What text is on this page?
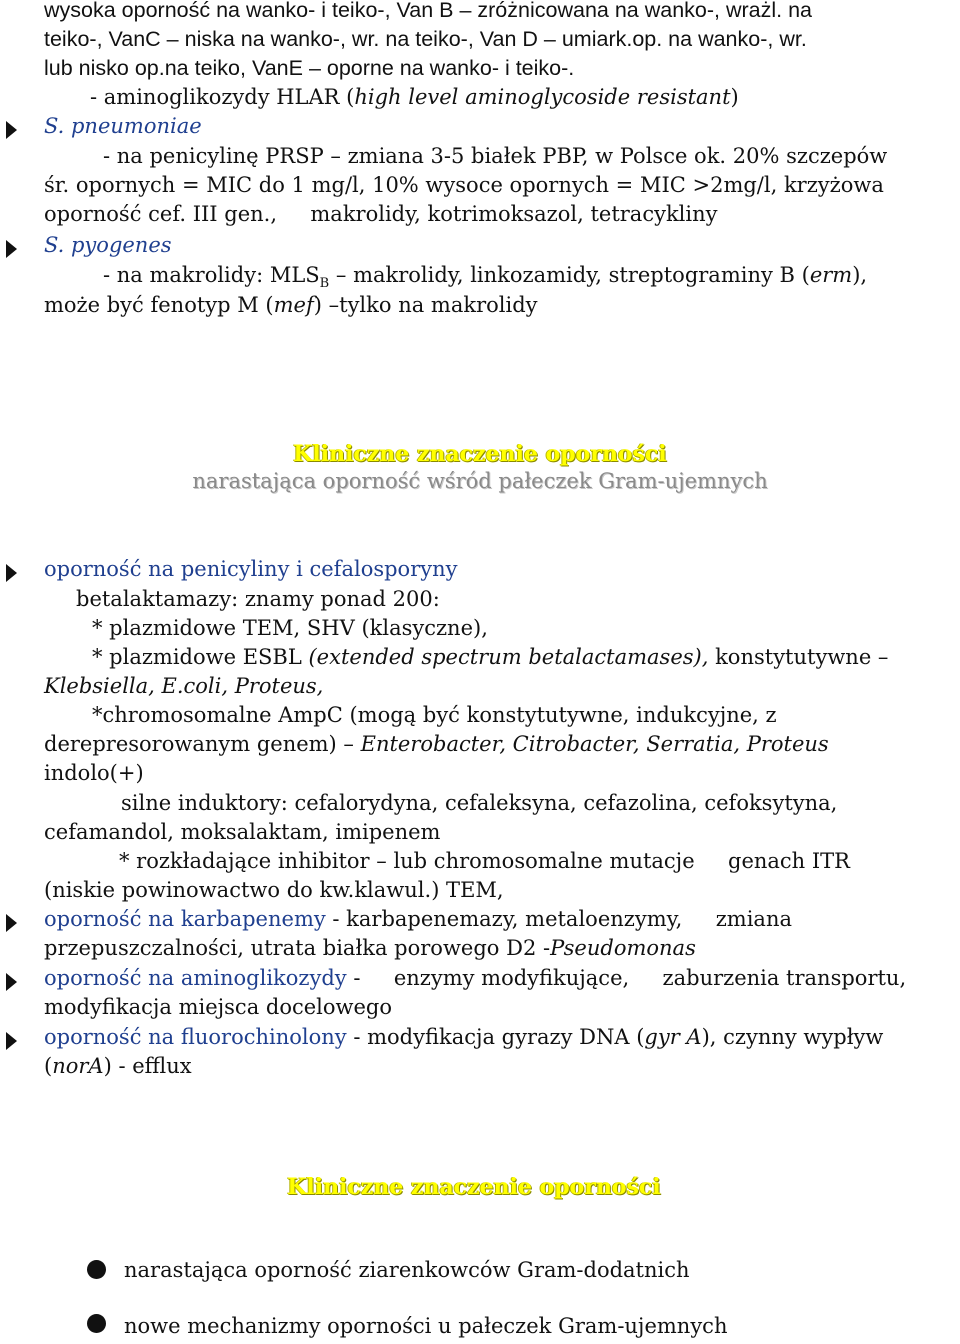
wysoka oporność na wanko- i teiko-, Van B – zróżnicowana na wanko-, wrażl. na
teiko-, VanC – niska na wanko-, wr. na teiko-, Van D – umiark.op. na wanko-, wr.
lub nisko op.na teiko, VanE – oporne na wanko- i teiko-.
- aminoglikozydy HLAR (high level aminoglycoside resistant)
S. pneumoniae
- na penicylinę PRSP – zmiana 3-5 białek PBP, w Polsce ok. 20% szczepów
śr. opornych = MIC do 1 mg/l, 10% wysoce opornych = MIC >2mg/l, krzyżowa
oporność cef. III gen.,     makrolidy, kotrimoksazol, tetracykliny
S. pyogenes
- na makrolidy: $MLS_B$ – makrolidy, linkozamidy, streptograminy B (erm),
może być fenotyp M (mef) –tylko na makrolidy
Kliniczne znaczenie oporności
narastająca oporność wśród pałeczek Gram-ujemnych
oporność na penicyliny i cefalosporyny
betalaktamazy: znamy ponad 200:
* plazmidowe TEM, SHV (klasyczne),
* plazmidowe ESBL (extended spectrum betalactamases), konstytutywne –
Klebsiella, E.coli, Proteus,
*chromosomalne AmpC (mogą być konstytutywne, indukcyjne, z
derepresorowanym genem) – Enterobacter, Citrobacter, Serratia, Proteus
indolo(+)
silne induktory: cefalorydyna, cefaleksyna, cefazolina, cefoksytyna,
cefamandol, moksalaktam, imipenem
* rozkładające inhibitor – lub chromosomalne mutacje     genach ITR
(niskie powinowactwo do kw.klawul.) TEM,
oporność na karbapenemy - karbapenemazy, metaloenzymy,     zmiana
przepuszczalności, utrata białka porowego D2 -Pseudomonas
oporność na aminoglikozydy -     enzymy modyfikujące,     zaburzenia transportu,
modyfikacja miejsca docelowego
oporność na fluorochinolony - modyfikacja gyrazy DNA (gyr A), czynny wypływ
(norA) - efflux
Kliniczne znaczenie oporności
narastająca oporność ziarenkowców Gram-dodatnich
nowe mechanizmy oporności u pałeczek Gram-ujemnych
